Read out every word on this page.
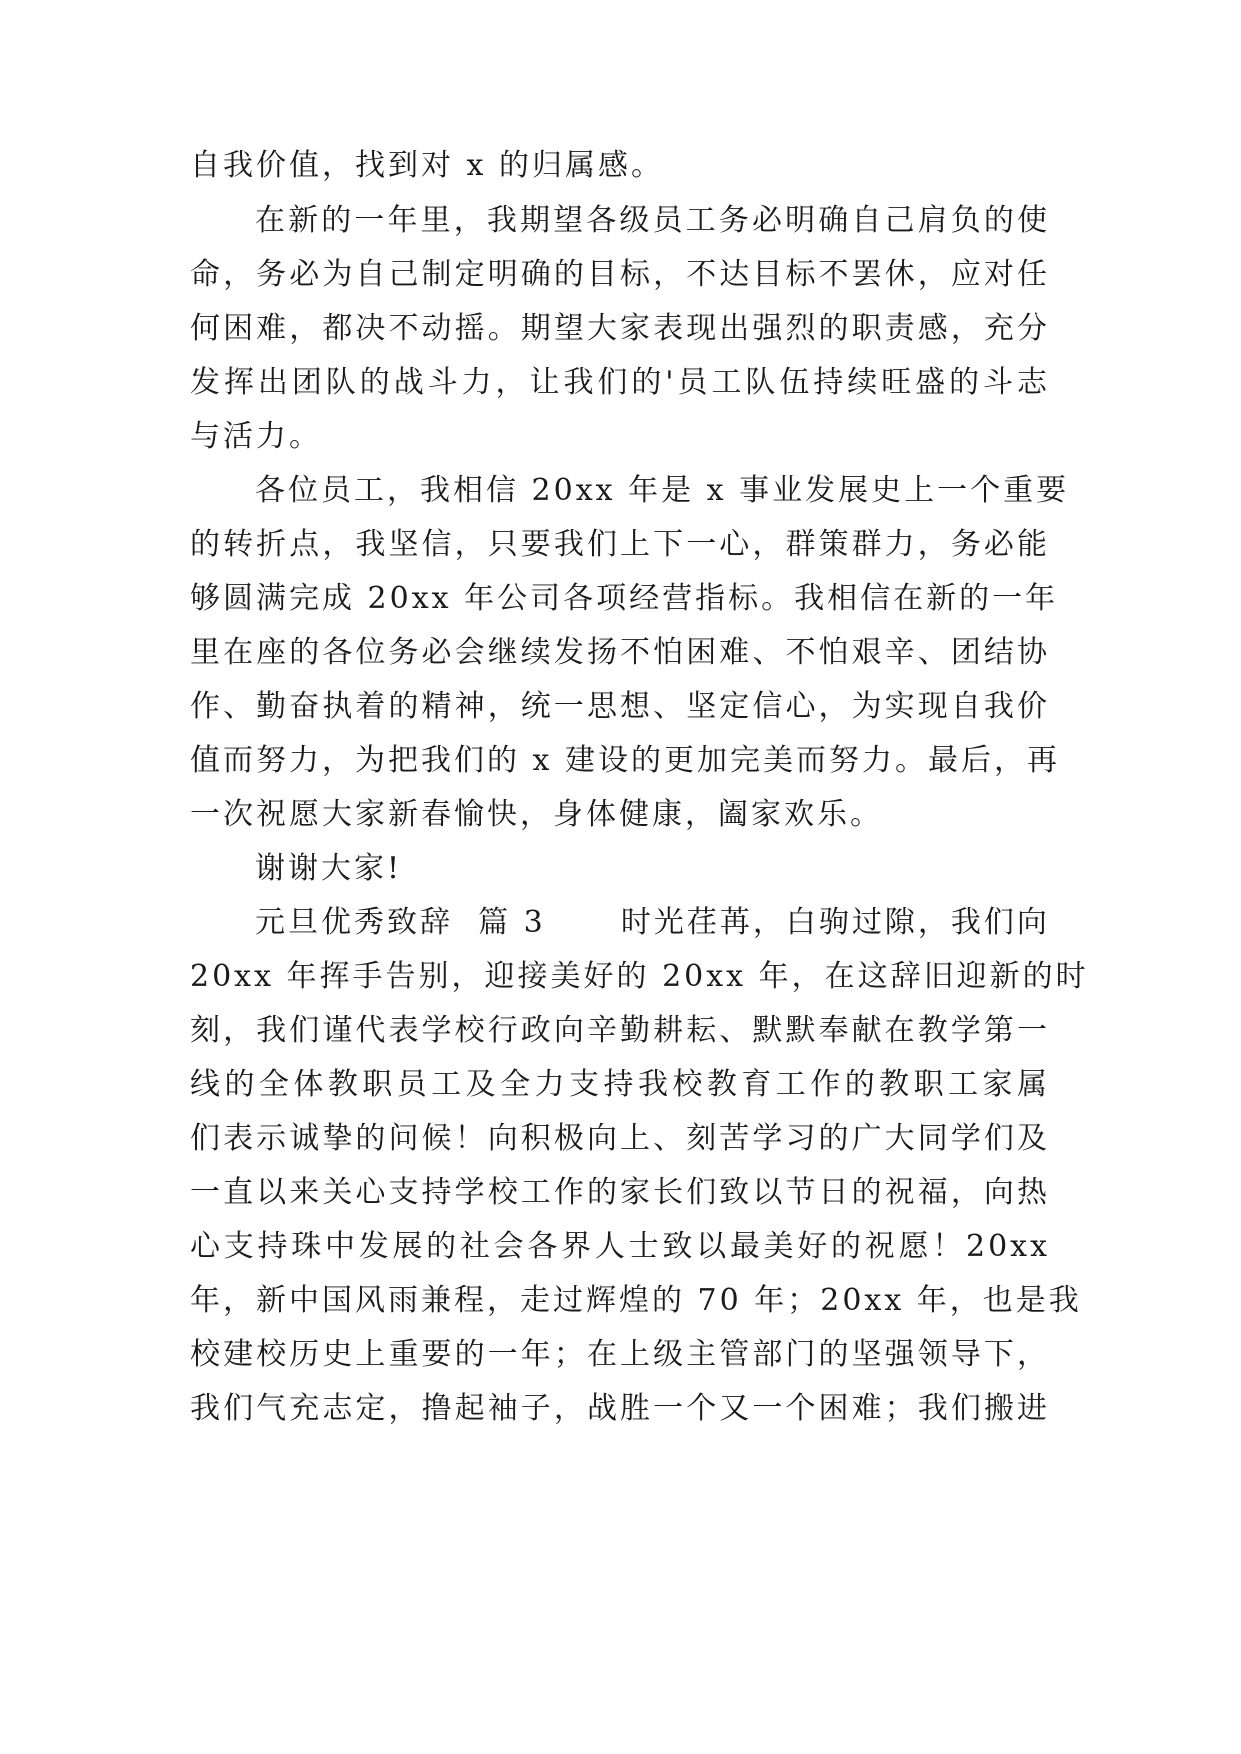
自我价值，找到对 x 的归属感。
在新的一年里，我期望各级员工务必明确自己肩负的使
命，务必为自己制定明确的目标，不达目标不罢休，应对任
何困难，都决不动摇。期望大家表现出强烈的职责感，充分
发挥出团队的战斗力，让我们的'员工队伍持续旺盛的斗志
与活力。
各位员工，我相信 20xx 年是 x 事业发展史上一个重要
的转折点，我坚信，只要我们上下一心，群策群力，务必能
够圆满完成 20xx 年公司各项经营指标。我相信在新的一年
里在座的各位务必会继续发扬不怕困难、不怕艰辛、团结协
作、勤奋执着的精神，统一思想、坚定信心，为实现自我价
值而努力，为把我们的 x 建设的更加完美而努力。最后，再
一次祝愿大家新春愉快，身体健康，阖家欢乐。
谢谢大家!
元旦优秀致辞  篇 3      时光荏苒，白驹过隙，我们向
20xx 年挥手告别，迎接美好的 20xx 年，在这辞旧迎新的时
刻，我们谨代表学校行政向辛勤耕耘、默默奉献在教学第一
线的全体教职员工及全力支持我校教育工作的教职工家属
们表示诚挚的问候！向积极向上、刻苦学习的广大同学们及
一直以来关心支持学校工作的家长们致以节日的祝福，向热
心支持珠中发展的社会各界人士致以最美好的祝愿！20xx
年，新中国风雨兼程，走过辉煌的 70 年；20xx 年，也是我
校建校历史上重要的一年；在上级主管部门的坚强领导下，
我们气充志定，撸起袖子，战胜一个又一个困难；我们搬进
